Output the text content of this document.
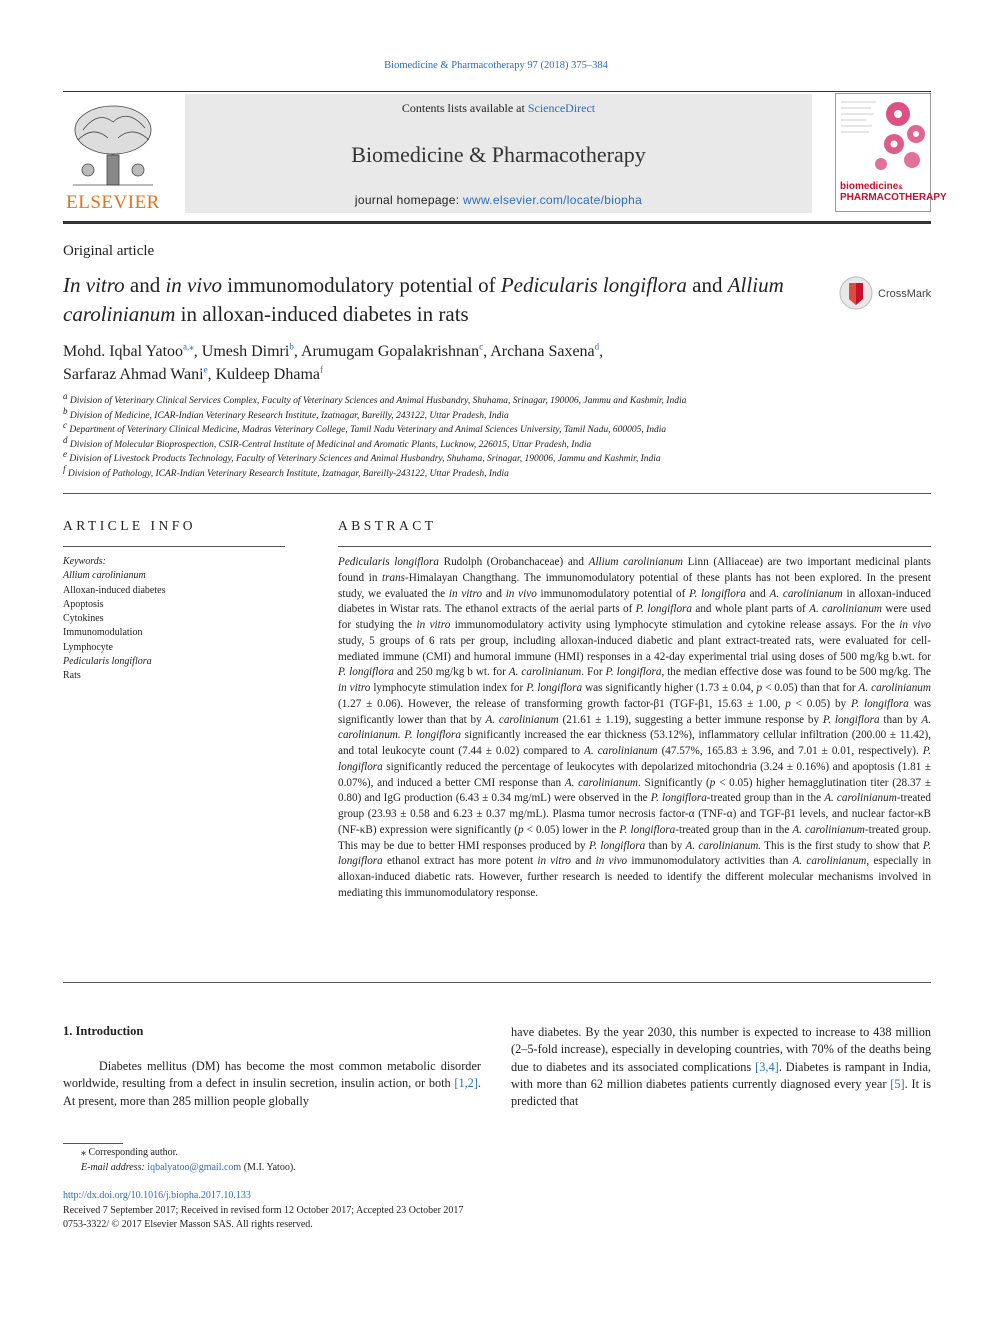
Biomedicine & Pharmacotherapy 97 (2018) 375–384
ELSEVIER
Contents lists available at ScienceDirect
Biomedicine & Pharmacotherapy
journal homepage: www.elsevier.com/locate/biopha
biomedicine&
PHARMACOTHERAPY
Original article
In vitro and in vivo immunomodulatory potential of Pedicularis longiflora and Allium carolinianum in alloxan-induced diabetes in rats
CrossMark
Mohd. Iqbal Yatoo$^{a,⁎}$, Umesh Dimri$^b$, Arumugam Gopalakrishnan$^c$, Archana Saxena$^d$,
Sarfaraz Ahmad Wani$^e$, Kuldeep Dhama$^f$
$^a$ Division of Veterinary Clinical Services Complex, Faculty of Veterinary Sciences and Animal Husbandry, Shuhama, Srinagar, 190006, Jammu and Kashmir, India
$^b$ Division of Medicine, ICAR-Indian Veterinary Research Institute, Izatnagar, Bareilly, 243122, Uttar Pradesh, India
$^c$ Department of Veterinary Clinical Medicine, Madras Veterinary College, Tamil Nadu Veterinary and Animal Sciences University, Tamil Nadu, 600005, India
$^d$ Division of Molecular Bioprospection, CSIR-Central Institute of Medicinal and Aromatic Plants, Lucknow, 226015, Uttar Pradesh, India
$^e$ Division of Livestock Products Technology, Faculty of Veterinary Sciences and Animal Husbandry, Shuhama, Srinagar, 190006, Jammu and Kashmir, India
$^f$ Division of Pathology, ICAR-Indian Veterinary Research Institute, Izatnagar, Bareilly-243122, Uttar Pradesh, India
ARTICLE INFO
Keywords:
Allium carolinianum
Alloxan-induced diabetes
Apoptosis
Cytokines
Immunomodulation
Lymphocyte
Pedicularis longiflora
Rats
ABSTRACT
Pedicularis longiflora Rudolph (Orobanchaceae) and Allium carolinianum Linn (Alliaceae) are two important medicinal plants found in trans-Himalayan Changthang. The immunomodulatory potential of these plants has not been explored. In the present study, we evaluated the in vitro and in vivo immunomodulatory potential of P. longiflora and A. carolinianum in alloxan-induced diabetes in Wistar rats. The ethanol extracts of the aerial parts of P. longiflora and whole plant parts of A. carolinianum were used for studying the in vitro immunomodulatory activity using lymphocyte stimulation and cytokine release assays. For the in vivo study, 5 groups of 6 rats per group, including alloxan-induced diabetic and plant extract-treated rats, were evaluated for cell-mediated immune (CMI) and humoral immune (HMI) responses in a 42-day experimental trial using doses of 500 mg/kg b.wt. for P. longiflora and 250 mg/kg b wt. for A. carolinianum. For P. longiflora, the median effective dose was found to be 500 mg/kg. The in vitro lymphocyte stimulation index for P. longiflora was significantly higher (1.73 ± 0.04, p < 0.05) than that for A. carolinianum (1.27 ± 0.06). However, the release of transforming growth factor-β1 (TGF-β1, 15.63 ± 1.00, p < 0.05) by P. longiflora was significantly lower than that by A. carolinianum (21.61 ± 1.19), suggesting a better immune response by P. longiflora than by A. carolinianum. P. longiflora significantly increased the ear thickness (53.12%), inflammatory cellular infiltration (200.00 ± 11.42), and total leukocyte count (7.44 ± 0.02) compared to A. carolinianum (47.57%, 165.83 ± 3.96, and 7.01 ± 0.01, respectively). P. longiflora significantly reduced the percentage of leukocytes with depolarized mitochondria (3.24 ± 0.16%) and apoptosis (1.81 ± 0.07%), and induced a better CMI response than A. carolinianum. Significantly (p < 0.05) higher hemagglutination titer (28.37 ± 0.80) and IgG production (6.43 ± 0.34 mg/mL) were observed in the P. longiflora-treated group than in the A. carolinianum-treated group (23.93 ± 0.58 and 6.23 ± 0.37 mg/mL). Plasma tumor necrosis factor-α (TNF-α) and TGF-β1 levels, and nuclear factor-κB (NF-κB) expression were significantly (p < 0.05) lower in the P. longiflora-treated group than in the A. carolinianum-treated group. This may be due to better HMI responses produced by P. longiflora than by A. carolinianum. This is the first study to show that P. longiflora ethanol extract has more potent in vitro and in vivo immunomodulatory activities than A. carolinianum, especially in alloxan-induced diabetic rats. However, further research is needed to identify the different molecular mechanisms involved in mediating this immunomodulatory response.
1. Introduction
Diabetes mellitus (DM) has become the most common metabolic disorder worldwide, resulting from a defect in insulin secretion, insulin action, or both [1,2]. At present, more than 285 million people globally
have diabetes. By the year 2030, this number is expected to increase to 438 million (2–5-fold increase), especially in developing countries, with 70% of the deaths being due to diabetes and its associated complications [3,4]. Diabetes is rampant in India, with more than 62 million diabetes patients currently diagnosed every year [5]. It is predicted that
⁎ Corresponding author.
E-mail address: iqbalyatoo@gmail.com (M.I. Yatoo).
http://dx.doi.org/10.1016/j.biopha.2017.10.133
Received 7 September 2017; Received in revised form 12 October 2017; Accepted 23 October 2017
0753-3322/ © 2017 Elsevier Masson SAS. All rights reserved.
